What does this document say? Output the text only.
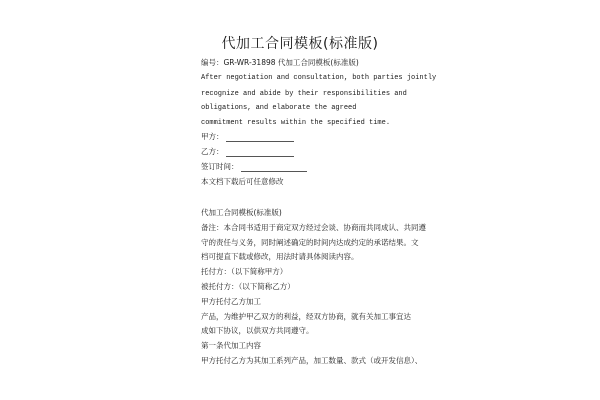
代加工合同模板(标准版)
编号：GR-WR-31898 代加工合同模板(标准版)
After negotiation and consultation, both parties jointly
recognize and abide by their responsibilities and
obligations, and elaborate the agreed
commitment results within the specified time.
甲方：
乙方：
签订时间：
本文档下载后可任意修改
代加工合同模板(标准版)
备注：本合同书适用于商定双方经过会谈、协商而共同成认、共同遵
守的责任与义务，同时阐述确定的时间内达成约定的承诺结果。文
档可提直下载或修改，用法时请具体阅读内容。
托付方：（以下简称甲方）
被托付方：（以下简称乙方）
甲方托付乙方加工
产品，为维护甲乙双方的利益，经双方协商，就有关加工事宜达
成如下协议，以供双方共同遵守。
第一条代加工内容
甲方托付乙方为其加工系列产品，加工数量、款式（或开发信息）、
